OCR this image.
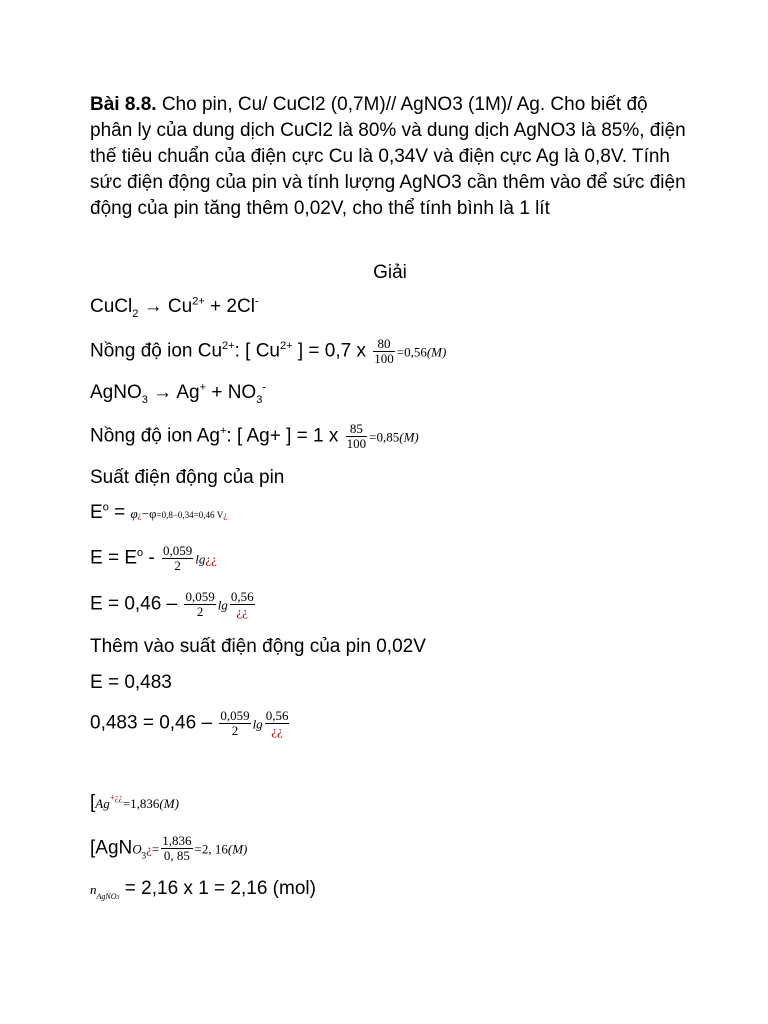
Bài 8.8. Cho pin, Cu/ CuCl2 (0,7M)// AgNO3 (1M)/ Ag. Cho biết độ phân ly của dung dịch CuCl2 là 80% và dung dịch AgNO3 là 85%, điện thế tiêu chuẩn của điện cực Cu là 0,34V và điện cực Ag là 0,8V. Tính sức điện động của pin và tính lượng AgNO3 cần thêm vào để sức điện động của pin tăng thêm 0,02V, cho thể tính bình là 1 lít

Giải
CuCl$_2$ → $Cu^{2+} + 2Cl^-$
Nồng độ ion $Cu^{2+}$: [ $Cu^{2+}$ ] = 0,7 x $\frac{80}{100} =0,56(M)$
AgNO$_3$ → $Ag^+ + NO_3^-$
Nồng độ ion Ag+: [ Ag+ ] = 1 x $\frac{85}{100} =0,85(M)$
Suất điện động của pin
$E^o$ = φ¿−φ=0,8−0,34=0,46 V¿
$E = E^o - \frac{0,059}{2}$ lg¿¿
$E = 0,46 - \frac{0,059}{2}$ $\lg \frac{0,56}{¿¿}$
Thêm vào suất điện động của pin 0,02V
E = 0,483
$0,483 = 0,46 - \frac{0,059}{2}$ $\lg \frac{0,56}{¿¿}$
[Ag+¿¿=1,836(M)
[AgNO$_3$¿= $\frac{1,836}{0, 85} =2$, 16(M)
$n_{AgNO3} = 2,16$ x 1 = 2,16 (mol)
